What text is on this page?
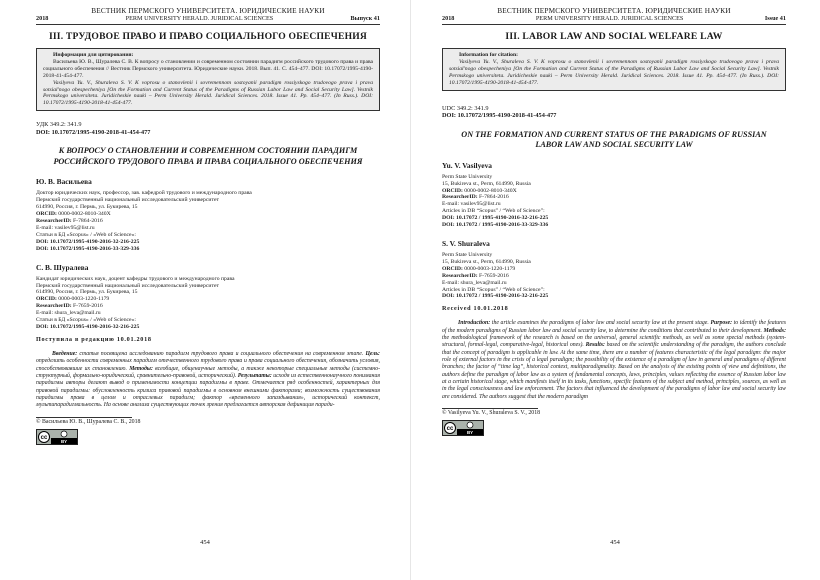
ВЕСТНИК ПЕРМСКОГО УНИВЕРСИТЕТА. ЮРИДИЧЕСКИЕ НАУКИ
2018	PERM UNIVERSITY HERALD. JURIDICAL SCIENCES	Выпуск 41
III. ТРУДОВОЕ ПРАВО И ПРАВО СОЦИАЛЬНОГО ОБЕСПЕЧЕНИЯ
Информация для цитирования:

Васильева Ю. В., Шуралева С. В. К вопросу о становлении и современном состоянии парадигм российского трудового права и права социального обеспечения // Вестник Пермского университета. Юридические науки. 2018. Вып. 41. C. 454–477. DOI: 10.17072/1995-4190-2018-41-454-477.

Vasilyeva Yu. V., Shuraleva S. V. K voprosu o stanovlenii i sovremennom sostoyanii paradigm rossiyskogo trudovogo prava i prava sotsial'nogo obespecheniya [On the Formation and Current Status of the Paradigms of Russian Labor Law and Social Security Law]. Vestnik Permskogo universiteta. Juridicheskie nauki – Perm University Herald. Juridical Sciences. 2018. Issue 41. Pp. 454–477. (In Russ.). DOI: 10.17072/1995-4190-2018-41-454-477.

УДК 349.2: 341.9
DOI: 10.17072/1995-4190-2018-41-454-477
К ВОПРОСУ О СТАНОВЛЕНИИ И СОВРЕМЕННОМ СОСТОЯНИИ ПАРАДИГМ РОССИЙСКОГО ТРУДОВОГО ПРАВА И ПРАВА СОЦИАЛЬНОГО ОБЕСПЕЧЕНИЯ
Ю. В. Васильева
Доктор юридических наук, профессор, зав. кафедрой трудового и международного права
Пермский государственный национальный исследовательский университет
614990, Россия, г. Пермь, ул. Букирева, 15
ORCID: 0000-0002-8010-340X
ResearcherID: F-7864-2016
E-mail: vasilev95@list.ru
Статьи в БД «Scopus» / «Web of Science»:
DOI: 10.17072/1995-4190-2016-32-216-225
DOI: 10.17072/1995-4190-2016-33-329-336
С. В. Шуралева
Кандидат юридических наук, доцент кафедры трудового и международного права
Пермский государственный национальный исследовательский университет
614990, Россия, г. Пермь, ул. Букирева, 15
ORCID: 0000-0003-1220-1179
ResearcherID: F-7659-2016
E-mail: shura_leva@mail.ru
Статьи в БД «Scopus» / «Web of Science»:
DOI: 10.17072/1995-4190-2016-32-216-225
Поступила в редакцию 10.01.2018

Введение: статья посвящена исследованию парадигм трудового права и социального обеспечения на современном этапе. Цель: определить особенности современных парадигм отечественного трудового права и права социального обеспечения, обозначить условия, способствовавшие их становлению. Методы: всеобщие, общенаучные методы, а также некоторые специальные методы (системно-структурный, формально-юридический, сравнительно-правовой, исторический). Результаты: исходя из естественнонаучного понимания парадигмы авторы делают вывод о применимости концепции парадигмы в праве. Отмечается ряд особенностей, характерных для правовой парадигмы: обусловленность кризиса правовой парадигмы в основном внешними факторами; возможность существования парадигмы права в целом и отраслевых парадигм; фактор «временного запаздывания», исторический контекст, мультипарадигмальность. На основе анализа существующих точек зрения предлагается авторская дефиниция паради-

© Васильева Ю. В., Шуралева С. В., 2018
cc
BY
454
ВЕСТНИК ПЕРМСКОГО УНИВЕРСИТЕТА. ЮРИДИЧЕСКИЕ НАУКИ
2018	PERM UNIVERSITY HERALD. JURIDICAL SCIENCES	Issue 41
III. LABOR LAW AND SOCIAL WELFARE LAW
Information for citation:

Vasilyeva Yu. V., Shuraleva S. V. K voprosu o stanovlenii i sovremennom sostoyanii paradigm rossiyskogo trudovogo prava i prava sotsial'nogo obespecheniya [On the Formation and Current Status of the Paradigms of Russian Labor Law and Social Security Law]. Vestnik Permskogo universiteta. Juridicheskie nauki – Perm University Herald. Juridical Sciences. 2018. Issue 41. Pp. 454–477. (In Russ.). DOI: 10.17072/1995-4190-2018-41-454-477.

UDC 349.2: 341.9
DOI: 10.17072/1995-4190-2018-41-454-477
ON THE FORMATION AND CURRENT STATUS OF THE PARADIGMS OF RUSSIAN LABOR LAW AND SOCIAL SECURITY LAW
Yu. V. Vasilyeva
Perm State University
15, Bukireva st., Perm, 614990, Russia
ORCID: 0000-0002-8010-340X
ResearcherID: F-7864-2016
E-mail: vasilev95@list.ru
Articles in DB “Scopus” / “Web of Science”:
DOI: 10.17072 / 1995-4190-2016-32-216-225
DOI: 10.17072 / 1995-4190-2016-33-329-336
S. V. Shuraleva
Perm State University
15, Bukireva st., Perm, 614990, Russia
ORCID: 0000-0003-1220-1179
ResearcherID: F-7659-2016
E-mail: shura_leva@mail.ru
Articles in DB “Scopus” / “Web of Science”:
DOI: 10.17072 / 1995-4190-2016-32-216-225
Received 10.01.2018

Introduction: the article examines the paradigms of labor law and social security law at the present stage. Purpose: to identify the features of the modern paradigms of Russian labor law and social security law, to determine the conditions that contributed to their development. Methods: the methodological framework of the research is based on the universal, general scientific methods, as well as some special methods (system-structural, formal-legal, comparative-legal, historical ones). Results: based on the scientific understanding of the paradigm, the authors conclude that the concept of paradigm is applicable in law. At the same time, there are a number of features characteristic of the legal paradigm: the major role of external factors in the crisis of a legal paradigm; the possibility of the existence of a paradigm of law in general and paradigms of different branches; the factor of “time lag”, historical context, multiparadigmality. Based on the analysis of the existing points of view and definitions, the authors define the paradigm of labor law as a system of fundamental concepts, laws, principles, values reflecting the essence of Russian labor law at a certain historical stage, which manifests itself in its tasks, functions, specific features of the subject and method, principles, sources, as well as in the legal consciousness and law enforcement. The factors that influenced the development of the paradigms of labor law and social security law are considered. The authors suggest that the modern paradigm

© Vasilyeva Yu. V., Shuraleva S. V., 2018
cc
BY
454
